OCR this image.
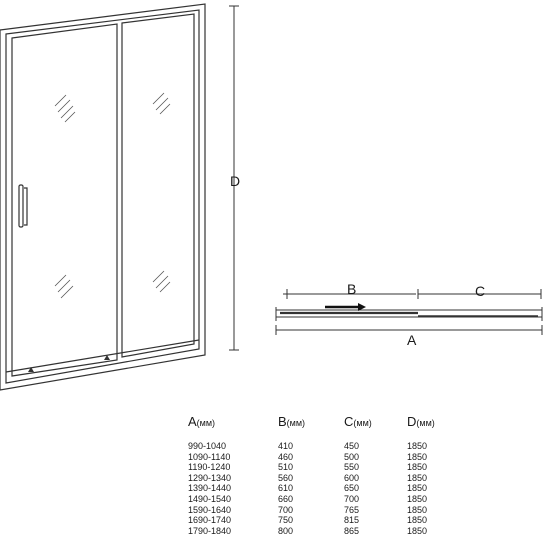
D
B	C
A
A(мм)	B(мм)	C(мм)	D(мм)
990-1040	410	450	1850
1090-1140	460	500	1850
1190-1240	510	550	1850
1290-1340	560	600	1850
1390-1440	610	650	1850
1490-1540	660	700	1850
1590-1640	700	765	1850
1690-1740	750	815	1850
1790-1840	800	865	1850
